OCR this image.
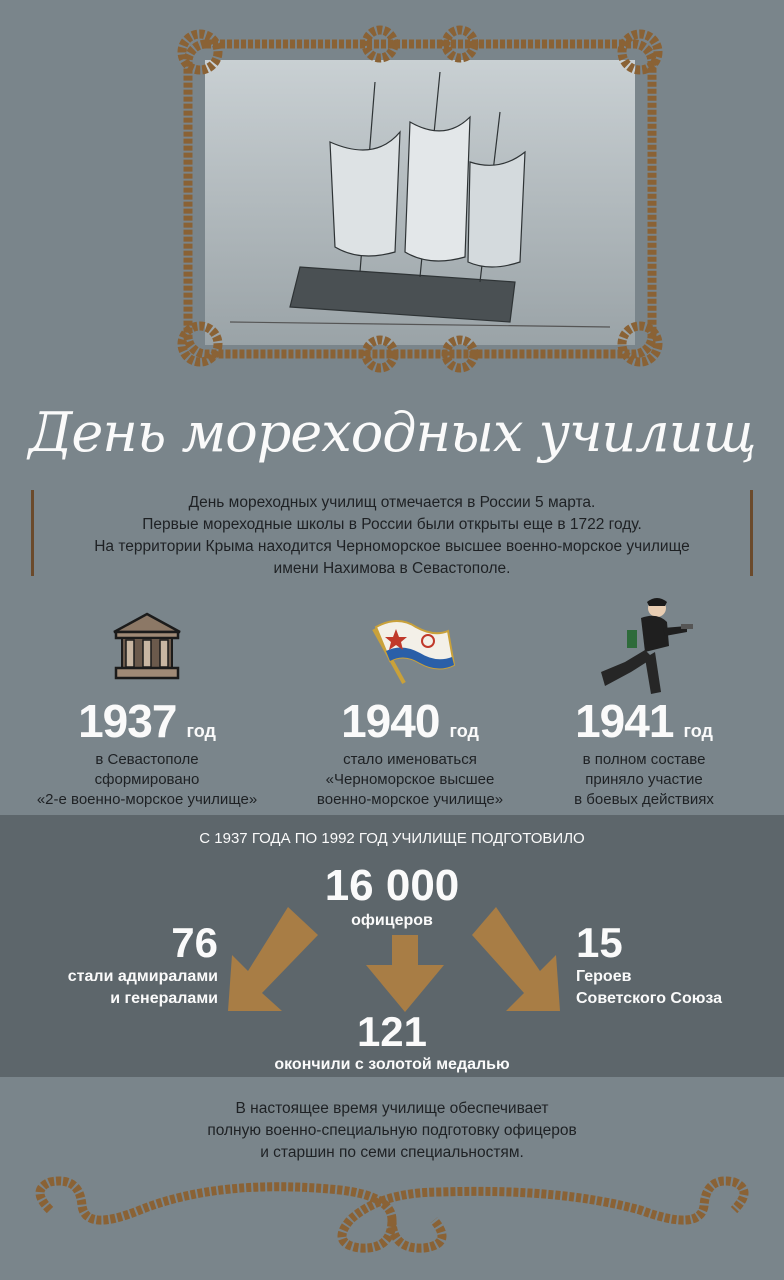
День мореходных училищ
День мореходных училищ отмечается в России 5 марта.
Первые мореходные школы в России были открыты еще в 1722 году.
На территории Крыма находится Черноморское высшее военно-морское училище
имени Нахимова в Севастополе.
1937 год
в Севастополе
сформировано
«2-е военно-морское училище»
1940 год
стало именоваться
«Черноморское высшее
военно-морское училище»
1941 год
в полном составе
приняло участие
в боевых действиях
С 1937 ГОДА ПО 1992 ГОД УЧИЛИЩЕ ПОДГОТОВИЛО
16 000
офицеров
76
стали адмиралами
и генералами
15
Героев
Советского Союза
121
окончили с золотой медалью
В настоящее время училище обеспечивает
полную военно-специальную подготовку офицеров
и старшин по семи специальностям.
